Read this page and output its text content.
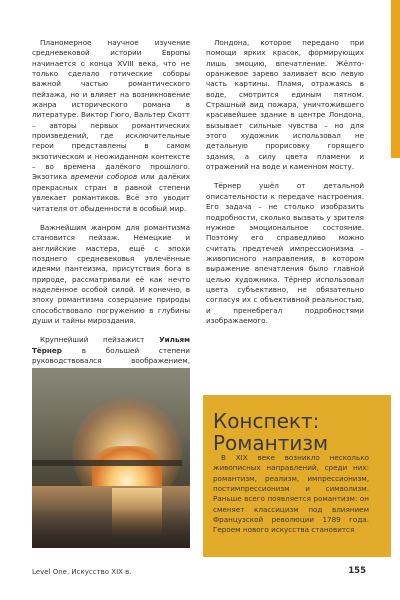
Планомерное научное изучение средневековой истории Европы начинается с конца XVIII века, что не только сделало готические соборы важной частью романтического пейзажа, но и влияет на возникновение жанра исторического романа в литературе. Виктор Гюго, Вальтер Скотт – авторы первых романтических произведений, где исключительные герои представлены в самом экзотическом и неожиданном контексте – во времена далёкого прошлого. Экзотика времени соборов или далёких прекрасных стран в равной степени увлекает романтиков. Всё это уводит читателя от обыденности в особый мир.

Важнейшим жанром для романтизма становится пейзаж. Немецкие и английские мастера, ещё с эпохи позднего средневековья увлечённые идеями пантеизма, присутствия бога в природе, рассматривали её как нечто наделённое особой силой. И конечно, в эпоху романтизма созерцание природы способствовало погружению в глубины души и тайны мироздания.

Крупнейший пейзажист Уильям Тёрнер	в большей степени руководствовался воображением,

Лондона, которое передано при помощи ярких красок, формирующих лишь эмоцию, впечатление. Жёлто-оранжевое зарево заливает всю левую часть картины. Пламя, отражаясь в воде, смотрится единым пятном. Страшный вид пожара, уничтожившего красивейшее здание в центре Лондона, вызывает сильные чувства – но для этого художник использовал не детальную прорисовку горящего здания, а силу цвета пламени и отражений на воде и каменном мосту.

Тёрнер ушёл от детальной описательности к передаче настроения. Его задача – не столько изобразить подробности, сколько вызвать у зрителя нужное эмоциональное состояние. Поэтому его справедливо можно считать предтечей импрессионизма – живописного направления, в котором выражение впечатления было главной целью художника. Тёрнер использовал цвета субъективно, не обязательно согласуя их с объективной реальностью, и пренебрегал подробностями изображаемого.

Конспект: Романтизм

В XIX веке возникло несколько живописных направлений, среди них: романтизм, реализм, импрессионизм, постимпрессионизм и символизм. Раньше всего появляется романтизм: он сменяет классицизм под влиянием Французской революции 1789 года. Героем нового искусства становится

Level One. Искусство XIX в.	155
